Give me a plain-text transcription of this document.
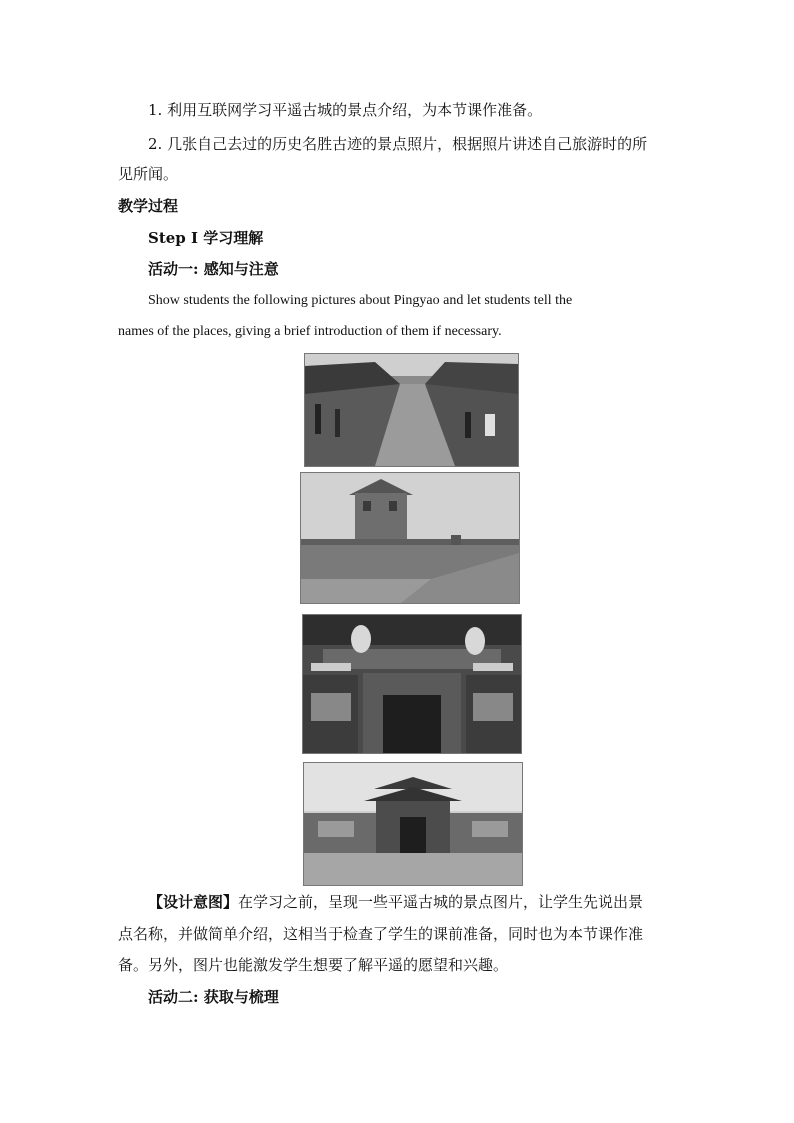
1. 利用互联网学习平遥古城的景点介绍，为本节课作准备。
2. 几张自己去过的历史名胜古迹的景点照片，根据照片讲述自己旅游时的所
见所闻。
教学过程
Step I 学习理解
活动一: 感知与注意
Show students the following pictures about Pingyao and let students tell the
names of the places, giving a brief introduction of them if necessary.
【设计意图】在学习之前，呈现一些平遥古城的景点图片，让学生先说出景
点名称，并做简单介绍，这相当于检查了学生的课前准备，同时也为本节课作准
备。另外，图片也能激发学生想要了解平遥的愿望和兴趣。
活动二: 获取与梳理
